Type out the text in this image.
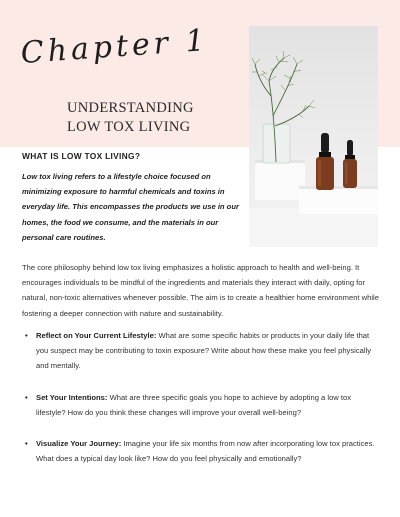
Chapter 1
UNDERSTANDING
LOW TOX LIVING
WHAT IS LOW TOX LIVING?

Low tox living refers to a lifestyle choice focused on minimizing exposure to harmful chemicals and toxins in everyday life. This encompasses the products we use in our homes, the food we consume, and the materials in our personal care routines.

The core philosophy behind low tox living emphasizes a holistic approach to health and well-being. It encourages individuals to be mindful of the ingredients and materials they interact with daily, opting for natural, non-toxic alternatives whenever possible. The aim is to create a healthier home environment while fostering a deeper connection with nature and sustainability.

• Reflect on Your Current Lifestyle: What are some specific habits or products in your daily life that you suspect may be contributing to toxin exposure? Write about how these make you feel physically and mentally.
• Set Your Intentions: What are three specific goals you hope to achieve by adopting a low tox lifestyle? How do you think these changes will improve your overall well-being?
• Visualize Your Journey: Imagine your life six months from now after incorporating low tox practices. What does a typical day look like? How do you feel physically and emotionally?
